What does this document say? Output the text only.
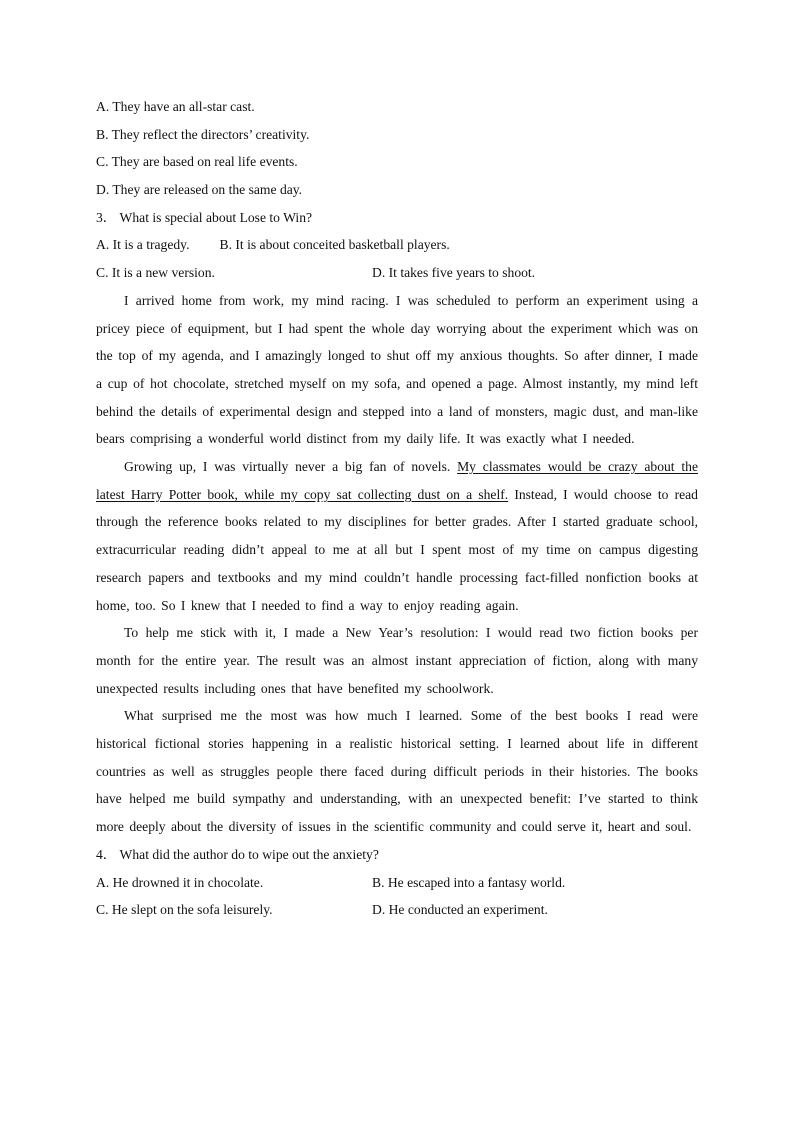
A. They have an all-star cast.
B. They reflect the directors’ creativity.
C. They are based on real life events.
D. They are released on the same day.
3． What is special about Lose to Win?
A. It is a tragedy. B. It is about conceited basketball players.
C. It is a new version.	D. It takes five years to shoot.

I arrived home from work, my mind racing. I was scheduled to perform an experiment using a pricey piece of equipment, but I had spent the whole day worrying about the experiment which was on the top of my agenda, and I amazingly longed to shut off my anxious thoughts. So after dinner, I made a cup of hot chocolate, stretched myself on my sofa, and opened a page. Almost instantly, my mind left behind the details of experimental design and stepped into a land of monsters, magic dust, and man-like bears comprising a wonderful world distinct from my daily life. It was exactly what I needed.

Growing up, I was virtually never a big fan of novels. My classmates would be crazy about the latest Harry Potter book, while my copy sat collecting dust on a shelf. Instead, I would choose to read through the reference books related to my disciplines for better grades. After I started graduate school, extracurricular reading didn’t appeal to me at all but I spent most of my time on campus digesting research papers and textbooks and my mind couldn’t handle processing fact-filled nonfiction books at home, too. So I knew that I needed to find a way to enjoy reading again.

To help me stick with it, I made a New Year’s resolution: I would read two fiction books per month for the entire year. The result was an almost instant appreciation of fiction, along with many unexpected results including ones that have benefited my schoolwork.

What surprised me the most was how much I learned. Some of the best books I read were historical fictional stories happening in a realistic historical setting. I learned about life in different countries as well as struggles people there faced during difficult periods in their histories. The books have helped me build sympathy and understanding, with an unexpected benefit: I’ve started to think more deeply about the diversity of issues in the scientific community and could serve it, heart and soul.

4． What did the author do to wipe out the anxiety?
A. He drowned it in chocolate.	B. He escaped into a fantasy world.
C. He slept on the sofa leisurely.	D. He conducted an experiment.
